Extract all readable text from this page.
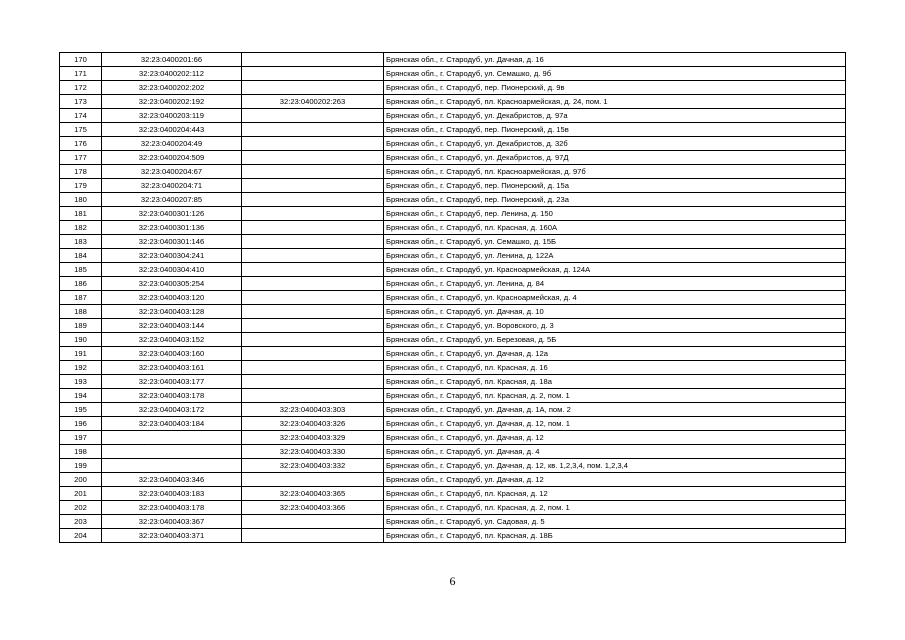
170	32:23:0400201:66		Брянская обл., г. Стародуб, ул. Дачная, д. 16
171	32:23:0400202:112		Брянская обл., г. Стародуб, ул. Семашко, д. 9б
172	32:23:0400202:202		Брянская обл., г. Стародуб, пер. Пионерский, д. 9в
173	32:23:0400202:192	32:23:0400202:263	Брянская обл., г. Стародуб, пл. Красноармейская, д. 24, пом. 1
174	32:23:0400203:119		Брянская обл., г. Стародуб, ул. Декабристов, д. 97а
175	32:23:0400204:443		Брянская обл., г. Стародуб, пер. Пионерский, д. 15в
176	32:23:0400204:49		Брянская обл., г. Стародуб, ул. Декабристов, д. 32б
177	32:23:0400204:509		Брянская обл., г. Стародуб, ул. Декабристов, д. 97Д
178	32:23:0400204:67		Брянская обл., г. Стародуб, пл. Красноармейская, д. 97б
179	32:23:0400204:71		Брянская обл., г. Стародуб, пер. Пионерский, д. 15а
180	32:23:0400207:85		Брянская обл., г. Стародуб, пер. Пионерский, д. 23а
181	32:23:0400301:126		Брянская обл., г. Стародуб, пер. Ленина, д. 150
182	32:23:0400301:136		Брянская обл., г. Стародуб, пл. Красная, д. 160А
183	32:23:0400301:146		Брянская обл., г. Стародуб, ул. Семашко, д. 15Б
184	32:23:0400304:241		Брянская обл., г. Стародуб, ул. Ленина, д. 122А
185	32:23:0400304:410		Брянская обл., г. Стародуб, ул. Красноармейская, д. 124А
186	32:23:0400305:254		Брянская обл., г. Стародуб, ул. Ленина, д. 84
187	32:23:0400403:120		Брянская обл., г. Стародуб, ул. Красноармейская, д. 4
188	32:23:0400403:128		Брянская обл., г. Стародуб, ул. Дачная, д. 10
189	32:23:0400403:144		Брянская обл., г. Стародуб, ул. Воровского, д. 3
190	32:23:0400403:152		Брянская обл., г. Стародуб, ул. Березовая, д. 5Б
191	32:23:0400403:160		Брянская обл., г. Стародуб, ул. Дачная, д. 12а
192	32:23:0400403:161		Брянская обл., г. Стародуб, пл. Красная, д. 16
193	32:23:0400403:177		Брянская обл., г. Стародуб, пл. Красная, д. 18а
194	32:23:0400403:178		Брянская обл., г. Стародуб, пл. Красная, д. 2, пом. 1
195	32:23:0400403:172	32:23:0400403:303	Брянская обл., г. Стародуб, ул. Дачная, д. 1А, пом. 2
196	32:23:0400403:184	32:23:0400403:326	Брянская обл., г. Стародуб, ул. Дачная, д. 12, пом. 1
197		32:23:0400403:329	Брянская обл., г. Стародуб, ул. Дачная, д. 12
198		32:23:0400403:330	Брянская обл., г. Стародуб, ул. Дачная, д. 4
199		32:23:0400403:332	Брянская обл., г. Стародуб, ул. Дачная, д. 12, кв. 1,2,3,4, пом. 1,2,3,4
200	32:23:0400403:346		Брянская обл., г. Стародуб, ул. Дачная, д. 12
201	32:23:0400403:183	32:23:0400403:365	Брянская обл., г. Стародуб, пл. Красная, д. 12
202	32:23:0400403:178	32:23:0400403:366	Брянская обл., г. Стародуб, пл. Красная, д. 2, пом. 1
203	32:23:0400403:367		Брянская обл., г. Стародуб, ул. Садовая, д. 5
204	32:23:0400403:371		Брянская обл., г. Стародуб, пл. Красная, д. 18Б
6
